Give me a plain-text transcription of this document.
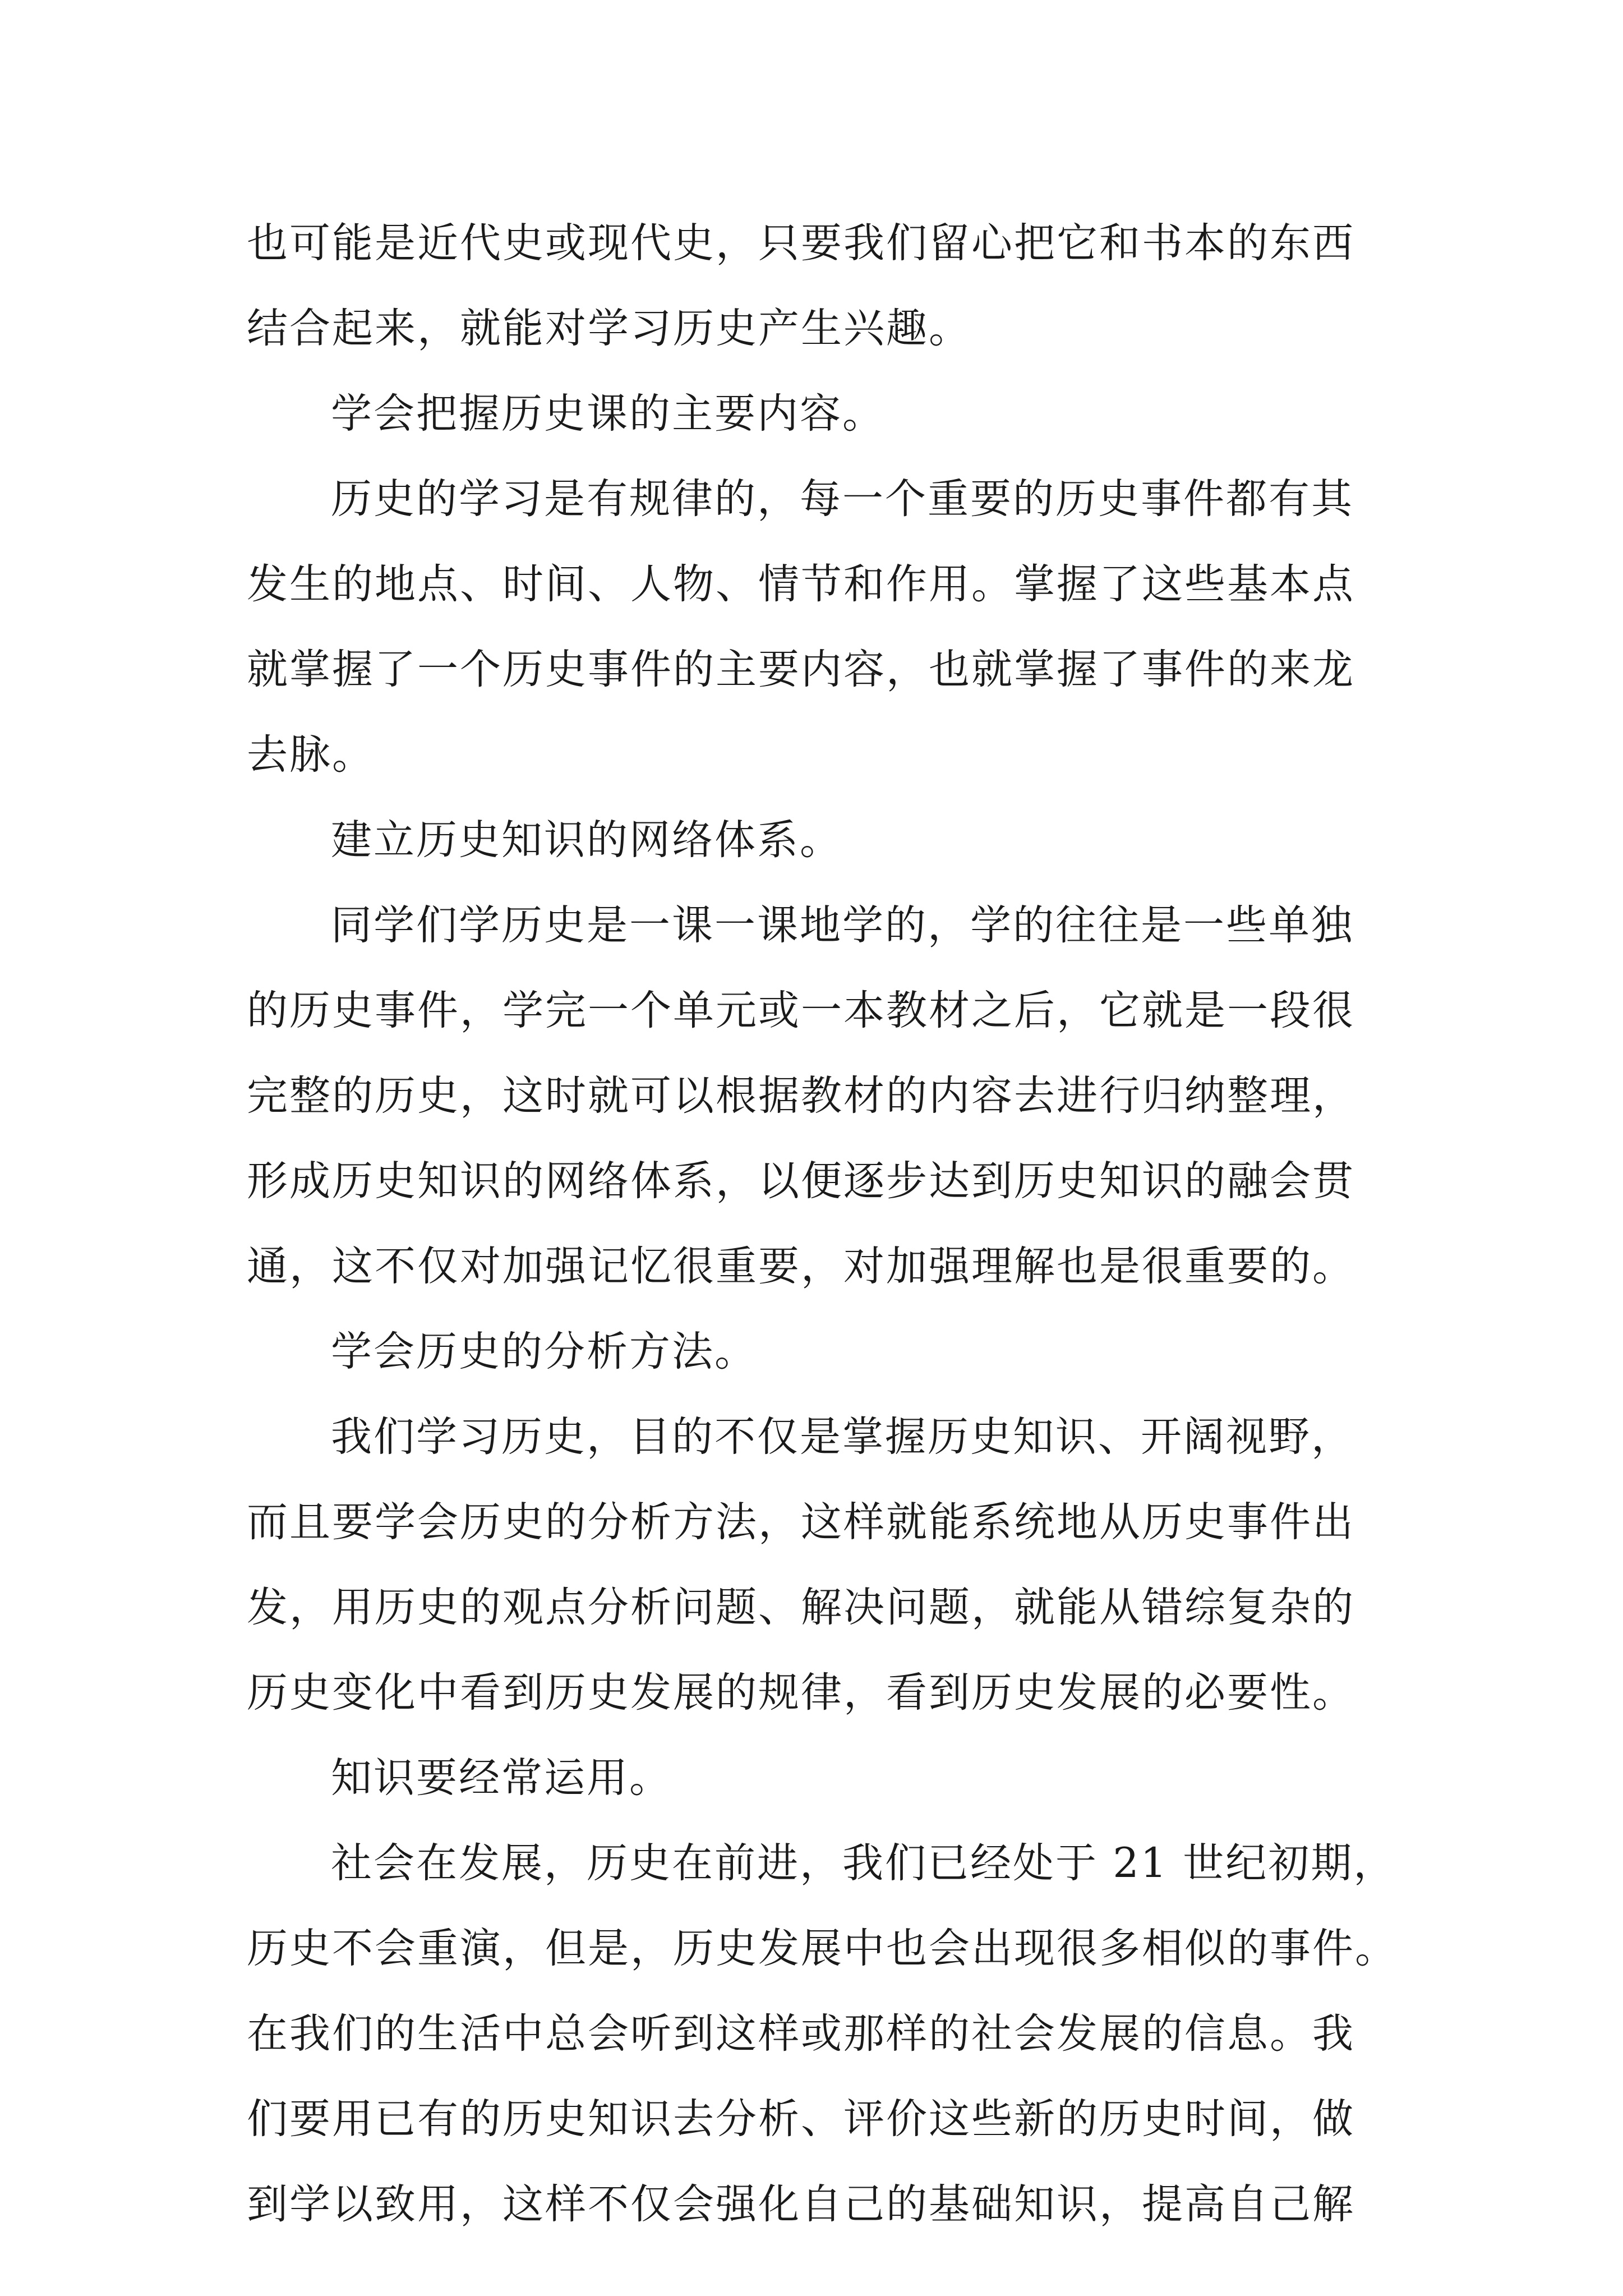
也可能是近代史或现代史，只要我们留心把它和书本的东西
结合起来，就能对学习历史产生兴趣。
学会把握历史课的主要内容。
历史的学习是有规律的，每一个重要的历史事件都有其
发生的地点、时间、人物、情节和作用。掌握了这些基本点
就掌握了一个历史事件的主要内容，也就掌握了事件的来龙
去脉。
建立历史知识的网络体系。
同学们学历史是一课一课地学的，学的往往是一些单独
的历史事件，学完一个单元或一本教材之后，它就是一段很
完整的历史，这时就可以根据教材的内容去进行归纳整理，
形成历史知识的网络体系，以便逐步达到历史知识的融会贯
通，这不仅对加强记忆很重要，对加强理解也是很重要的。
学会历史的分析方法。
我们学习历史，目的不仅是掌握历史知识、开阔视野，
而且要学会历史的分析方法，这样就能系统地从历史事件出
发，用历史的观点分析问题、解决问题，就能从错综复杂的
历史变化中看到历史发展的规律，看到历史发展的必要性。
知识要经常运用。
社会在发展，历史在前进，我们已经处于 21 世纪初期，
历史不会重演，但是，历史发展中也会出现很多相似的事件。
在我们的生活中总会听到这样或那样的社会发展的信息。我
们要用已有的历史知识去分析、评价这些新的历史时间，做
到学以致用，这样不仅会强化自己的基础知识，提高自己解
